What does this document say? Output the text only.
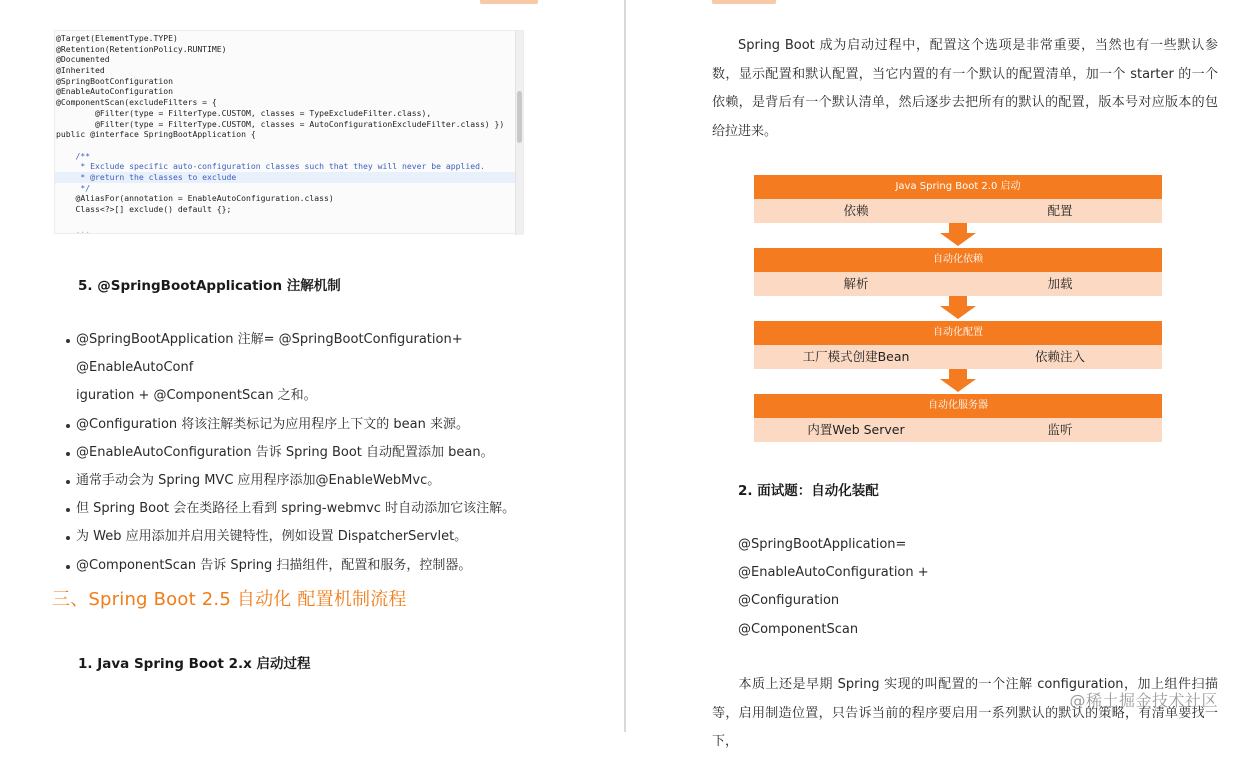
@Target(ElementType.TYPE)
@Retention(RetentionPolicy.RUNTIME)
@Documented
@Inherited
@SpringBootConfiguration
@EnableAutoConfiguration
@ComponentScan(excludeFilters = {
@Filter(type = FilterType.CUSTOM, classes = TypeExcludeFilter.class),
@Filter(type = FilterType.CUSTOM, classes = AutoConfigurationExcludeFilter.class) })
public @interface SpringBootApplication {

/**
* Exclude specific auto-configuration classes such that they will never be applied.
* @return the classes to exclude
*/
@AliasFor(annotation = EnableAutoConfiguration.class)
Class<?>[] exclude() default {};

...
5. @SpringBootApplication 注解机制
@SpringBootApplication 注解= @SpringBootConfiguration+ @EnableAutoConf
iguration + @ComponentScan 之和。
@Configuration 将该注解类标记为应用程序上下文的 bean 来源。
@EnableAutoConfiguration 告诉 Spring Boot 自动配置添加 bean。
通常手动会为 Spring MVC 应用程序添加@EnableWebMvc。
但 Spring Boot 会在类路径上看到 spring-webmvc 时自动添加它该注解。
为 Web 应用添加并启用关键特性，例如设置 DispatcherServlet。
@ComponentScan 告诉 Spring 扫描组件，配置和服务，控制器。
三、Spring Boot 2.5 自动化 配置机制流程
1. Java Spring Boot 2.x 启动过程
Spring Boot 成为启动过程中，配置这个选项是非常重要，当然也有一些默认参数，显示配置和默认配置，当它内置的有一个默认的配置清单，加一个 starter 的一个依赖，是背后有一个默认清单，然后逐步去把所有的默认的配置，版本号对应版本的包给拉进来。
Java Spring Boot 2.0 启动
依赖	配置
自动化依赖
解析	加载
自动化配置
工厂模式创建Bean	依赖注入
自动化服务器
内置Web Server	监听
2. 面试题：自动化装配
@SpringBootApplication=
@EnableAutoConfiguration +
@Configuration
@ComponentScan
本质上还是早期 Spring 实现的叫配置的一个注解 configuration，加上组件扫描等，启用制造位置，只告诉当前的程序要启用一系列默认的默认的策略，有清单要找一下，
@稀土掘金技术社区
